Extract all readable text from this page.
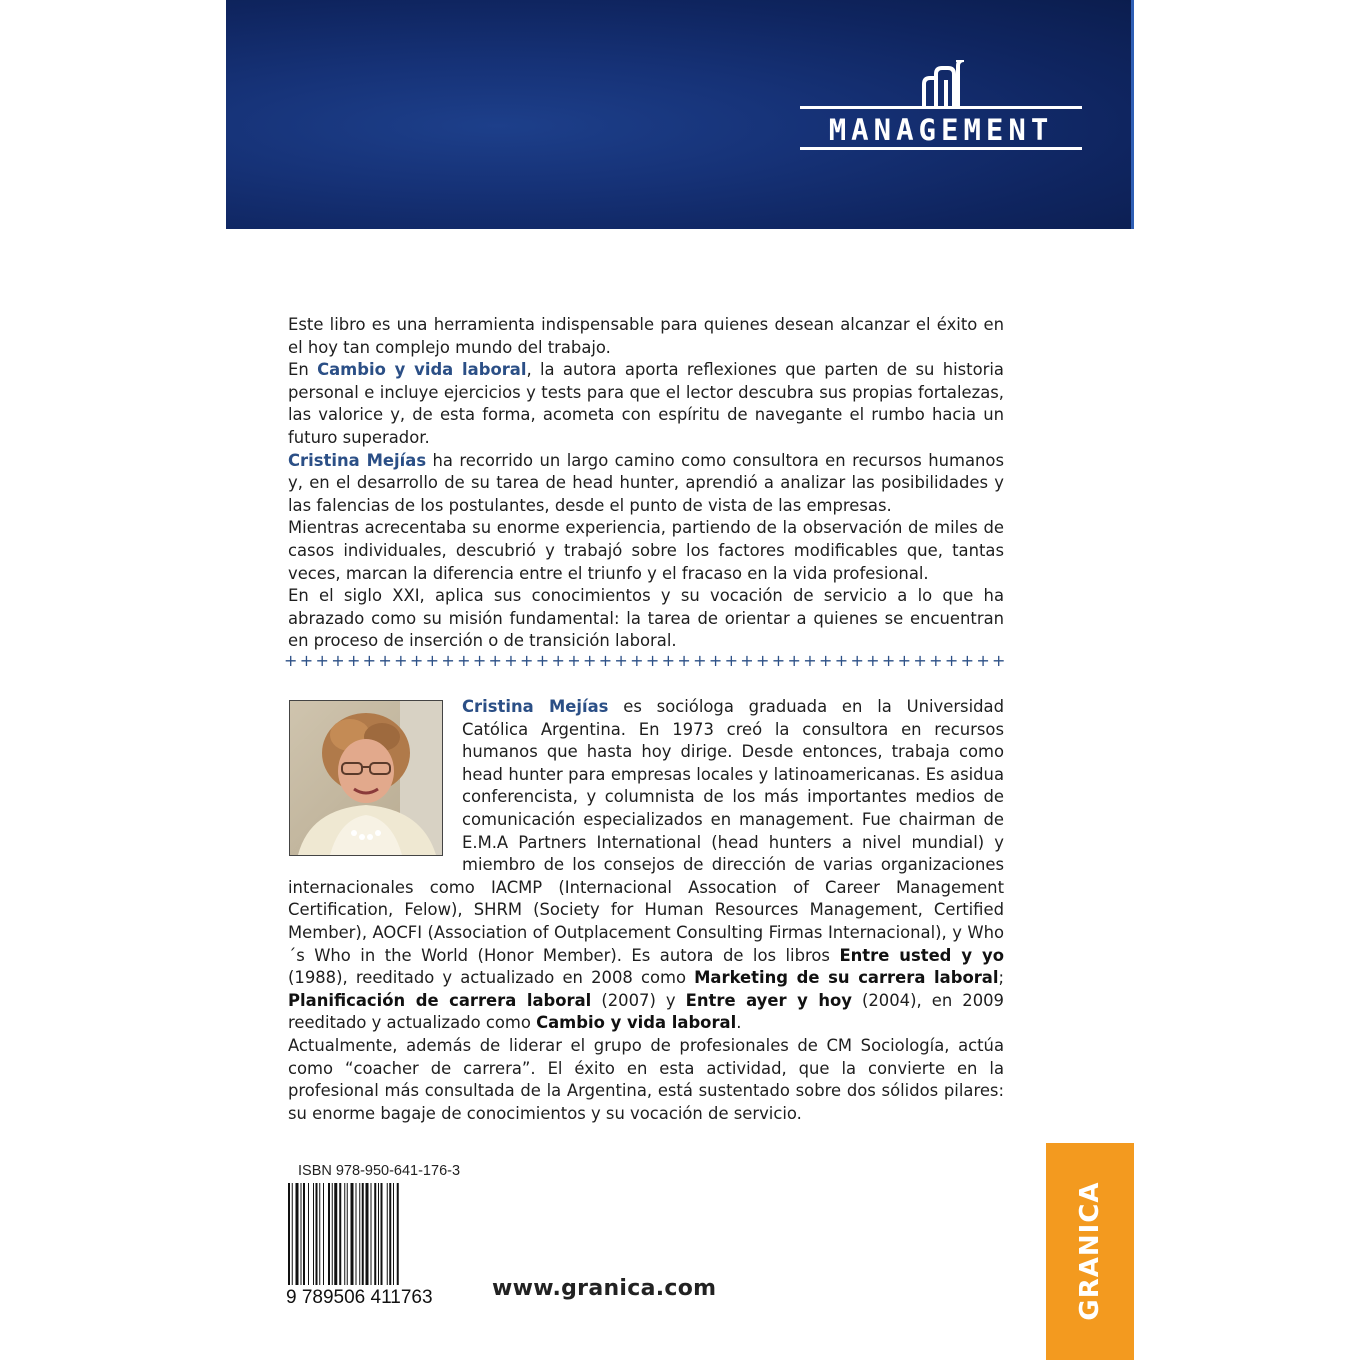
MANAGEMENT

Este libro es una herramienta indispensable para quienes desean alcanzar el éxito en el hoy tan complejo mundo del trabajo.

En Cambio y vida laboral, la autora aporta reflexiones que parten de su historia personal e incluye ejercicios y tests para que el lector descubra sus propias fortalezas, las valorice y, de esta forma, acometa con espíritu de navegante el rumbo hacia un futuro superador.

Cristina Mejías ha recorrido un largo camino como consultora en recursos humanos y, en el desarrollo de su tarea de head hunter, aprendió a analizar las posibilidades y las falencias de los postulantes, desde el punto de vista de las empresas.

Mientras acrecentaba su enorme experiencia, partiendo de la observación de miles de casos individuales, descubrió y trabajó sobre los factores modificables que, tantas veces, marcan la diferencia entre el triunfo y el fracaso en la vida profesional.

En el siglo XXI, aplica sus conocimientos y su vocación de servicio a lo que ha abrazado como su misión fundamental: la tarea de orientar a quienes se encuentran en proceso de inserción o de transición laboral.

+ + + + + + + + + + + + + + + + + + + + + + + + + + + + + + + + + + + + + + + + + + + + + +

Cristina Mejías es socióloga graduada en la Universidad Católica Argentina. En 1973 creó la consultora en recursos humanos que hasta hoy dirige. Desde entonces, trabaja como head hunter para empresas locales y latinoamericanas. Es asidua conferencista, y columnista de los más importantes medios de comunicación especializados en management. Fue chairman de E.M.A Partners International (head hunters a nivel mundial) y miembro de los consejos de dirección de varias organizaciones internacionales como IACMP (Internacional Assocation of Career Management Certification, Felow), SHRM (Society for Human Resources Management, Certified Member), AOCFI (Association of Outplacement Consulting Firmas Internacional), y Who´s Who in the World (Honor Member). Es autora de los libros Entre usted y yo (1988), reeditado y actualizado en 2008 como Marketing de su carrera laboral; Planificación de carrera laboral (2007) y Entre ayer y hoy (2004), en 2009 reeditado y actualizado como Cambio y vida laboral.

Actualmente, además de liderar el grupo de profesionales de CM Sociología, actúa como “coacher de carrera”. El éxito en esta actividad, que la convierte en la profesional más consultada de la Argentina, está sustentado sobre dos sólidos pilares: su enorme bagaje de conocimientos y su vocación de servicio.

ISBN 978-950-641-176-3
9 789506 411763	www.granica.com	GRANICA
